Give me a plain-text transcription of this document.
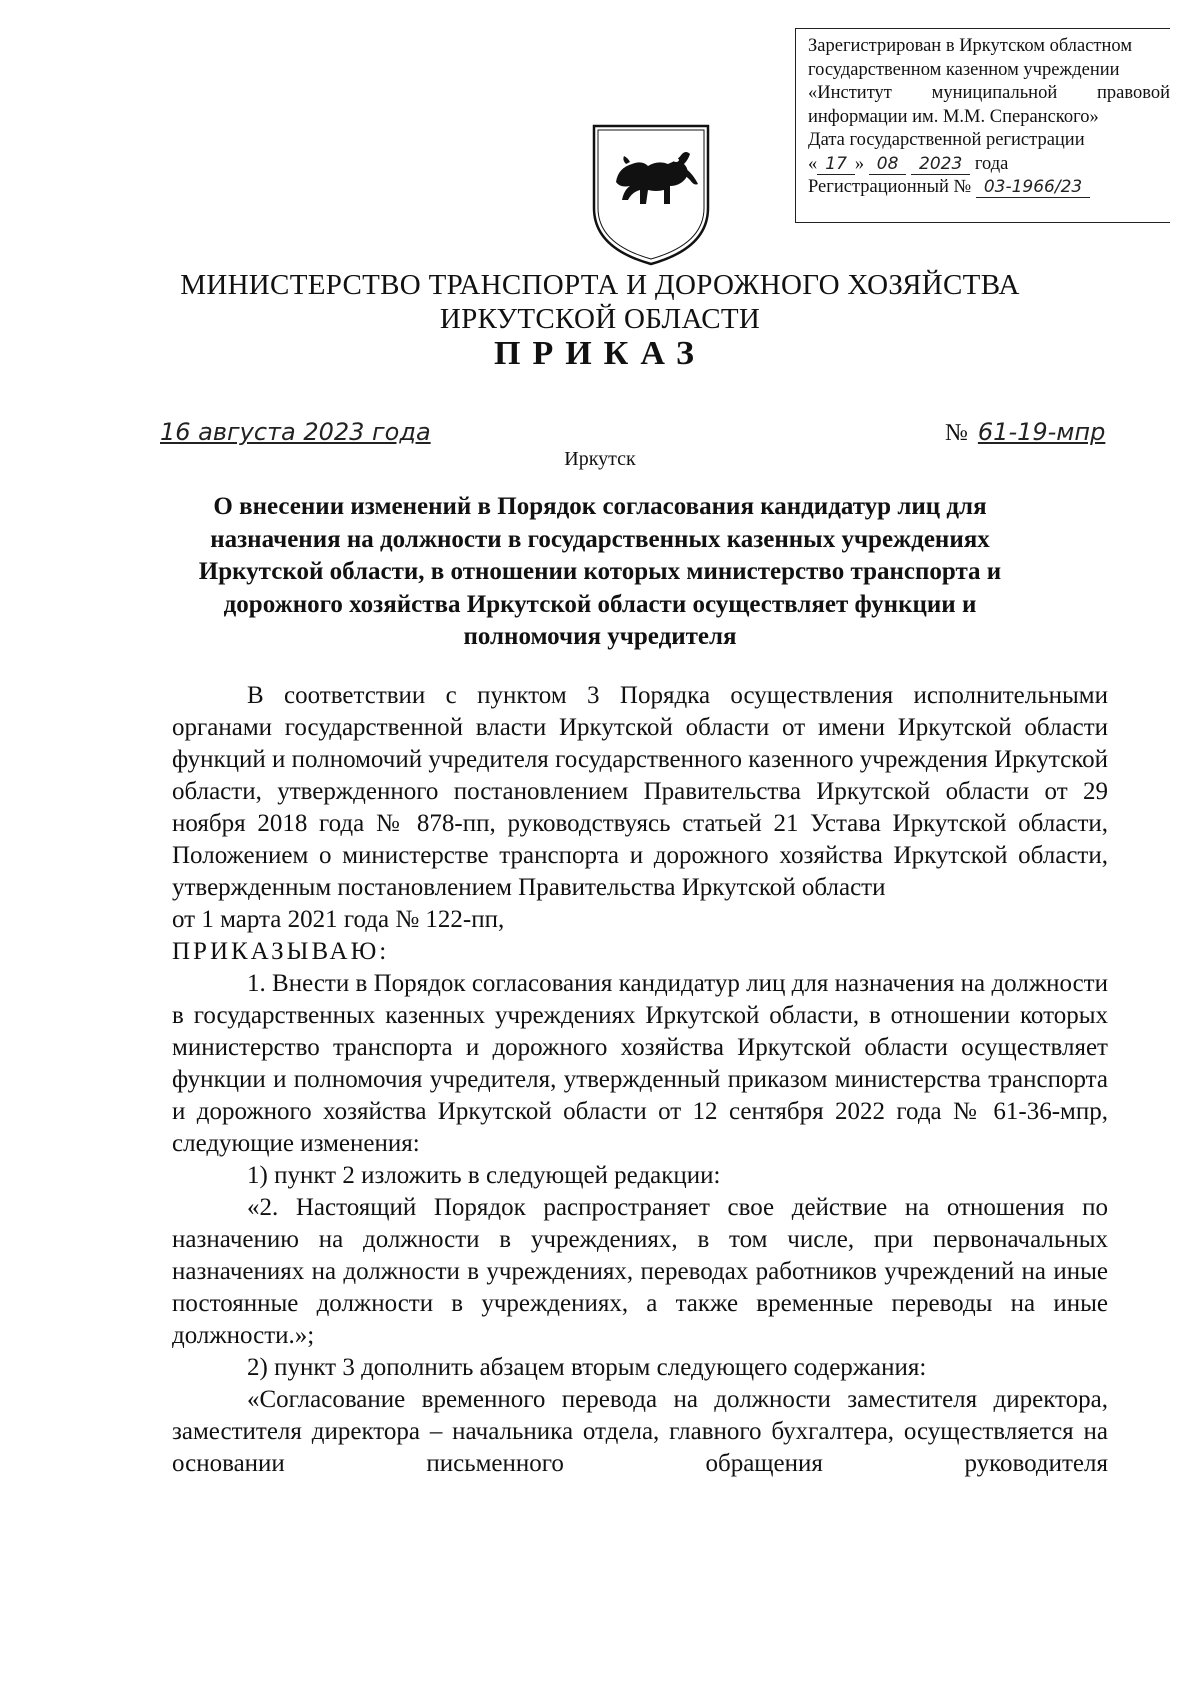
Зарегистрирован в Иркутском областном
государственном казенном учреждении
«Институт муниципальной правовой
информации им. М.М. Сперанского»
Дата государственной регистрации
« 17 » 08 2023 года
Регистрационный № 03-1966/23
МИНИСТЕРСТВО ТРАНСПОРТА И ДОРОЖНОГО ХОЗЯЙСТВА
ИРКУТСКОЙ ОБЛАСТИ
ПРИКАЗ
16 августа 2023 года	№ 61-19-мпр
Иркутск
О внесении изменений в Порядок согласования кандидатур лиц для назначения на должности в государственных казенных учреждениях Иркутской области, в отношении которых министерство транспорта и дорожного хозяйства Иркутской области осуществляет функции и полномочия учредителя

В соответствии с пунктом 3 Порядка осуществления исполнительными органами государственной власти Иркутской области от имени Иркутской области функций и полномочий учредителя государственного казенного учреждения Иркутской области, утвержденного постановлением Правительства Иркутской области от 29 ноября 2018 года № 878-пп, руководствуясь статьей 21 Устава Иркутской области, Положением о министерстве транспорта и дорожного хозяйства Иркутской области, утвержденным постановлением Правительства Иркутской области

от 1 марта 2021 года № 122-пп,

ПРИКАЗЫВАЮ:

1. Внести в Порядок согласования кандидатур лиц для назначения на должности в государственных казенных учреждениях Иркутской области, в отношении которых министерство транспорта и дорожного хозяйства Иркутской области осуществляет функции и полномочия учредителя, утвержденный приказом министерства транспорта и дорожного хозяйства Иркутской области от 12 сентября 2022 года № 61-36-мпр, следующие изменения:

1) пункт 2 изложить в следующей редакции:

«2. Настоящий Порядок распространяет свое действие на отношения по назначению на должности в учреждениях, в том числе, при первоначальных назначениях на должности в учреждениях, переводах работников учреждений на иные постоянные должности в учреждениях, а также временные переводы на иные должности.»;

2) пункт 3 дополнить абзацем вторым следующего содержания:

«Согласование временного перевода на должности заместителя директора, заместителя директора – начальника отдела, главного бухгалтера, осуществляется на основании письменного обращения руководителя
